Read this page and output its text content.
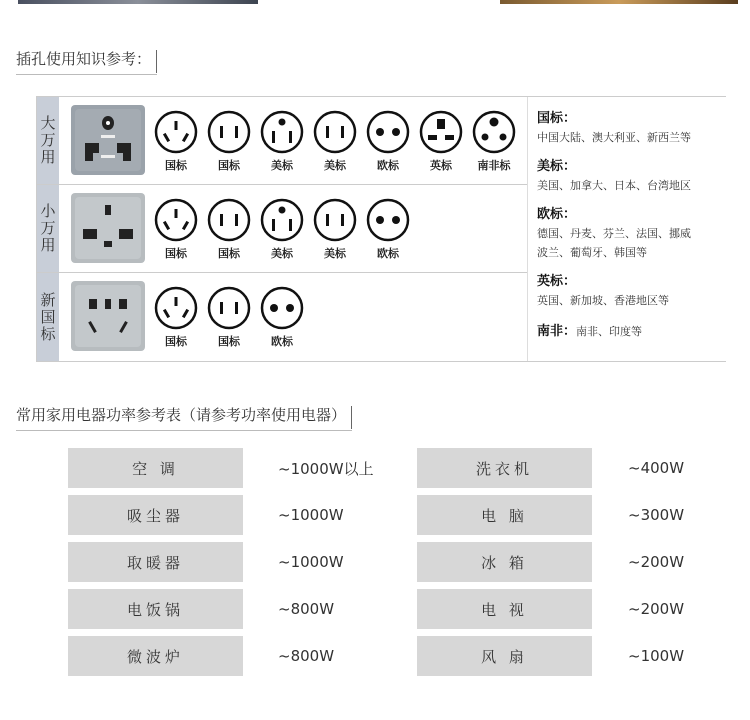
插孔使用知识参考：
大万用	国标	国标	美标	美标	欧标	英标	南非标
小万用	国标	国标	美标	美标	欧标
新国标	国标	国标	欧标
国标：
中国大陆、澳大利亚、新西兰等
美标：
美国、加拿大、日本、台湾地区
欧标：
德国、丹麦、芬兰、法国、挪威
波兰、葡萄牙、韩国等
英标：
英国、新加坡、香港地区等
南非：南非、印度等
常用家用电器功率参考表（请参考功率使用电器）
空 调	~1000W以上	洗衣机	~400W
吸尘器	~1000W	电 脑	~300W
取暖器	~1000W	冰 箱	~200W
电饭锅	~800W	电 视	~200W
微波炉	~800W	风 扇	~100W
